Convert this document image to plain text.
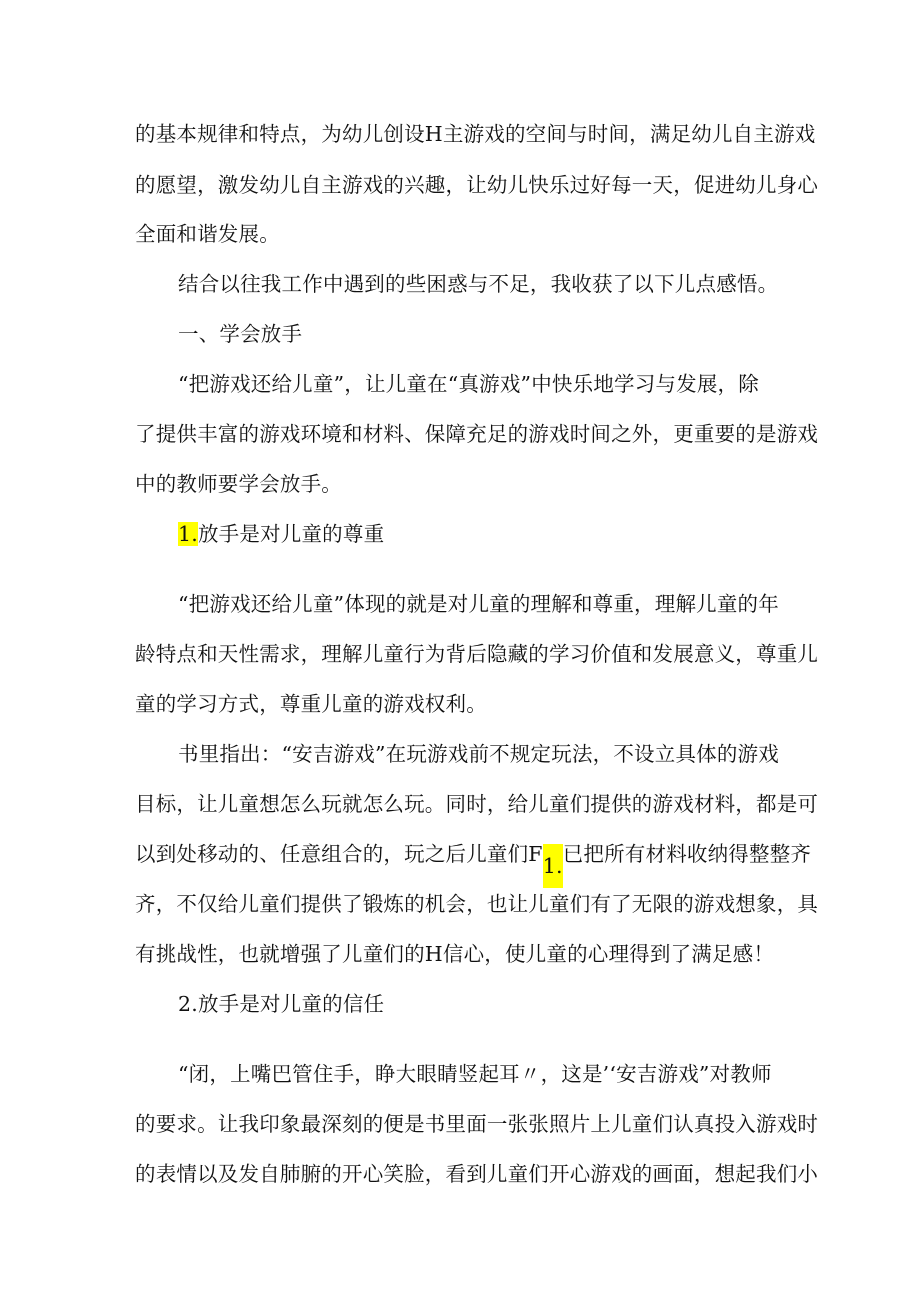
的基本规律和特点，为幼儿创设H主游戏的空间与时间，满足幼儿自主游戏
的愿望，激发幼儿自主游戏的兴趣，让幼儿快乐过好每一天，促进幼儿身心
全面和谐发展。
结合以往我工作中遇到的些困惑与不足，我收获了以下儿点感悟。
一、学会放手
“把游戏还给儿童”，让儿童在“真游戏”中快乐地学习与发展，除
了提供丰富的游戏环境和材料、保障充足的游戏时间之外，更重要的是游戏
中的教师要学会放手。
1.放手是对儿童的尊重
“把游戏还给儿童”体现的就是对儿童的理解和尊重，理解儿童的年
龄特点和天性需求，理解儿童行为背后隐藏的学习价值和发展意义，尊重儿
童的学习方式，尊重儿童的游戏权利。
书里指出：“安吉游戏”在玩游戏前不规定玩法，不设立具体的游戏
目标，让儿童想怎么玩就怎么玩。同时，给儿童们提供的游戏材料，都是可
以到处移动的、任意组合的，玩之后儿童们F1.已把所有材料收纳得整整齐
齐，不仅给儿童们提供了锻炼的机会，也让儿童们有了无限的游戏想象，具
有挑战性，也就增强了儿童们的H信心，使儿童的心理得到了满足感！
2.放手是对儿童的信任
“闭，上嘴巴管住手，睁大眼睛竖起耳〃，这是’‘安吉游戏”对教师
的要求。让我印象最深刻的便是书里面一张张照片上儿童们认真投入游戏时
的表情以及发自肺腑的开心笑脸，看到儿童们开心游戏的画面，想起我们小
